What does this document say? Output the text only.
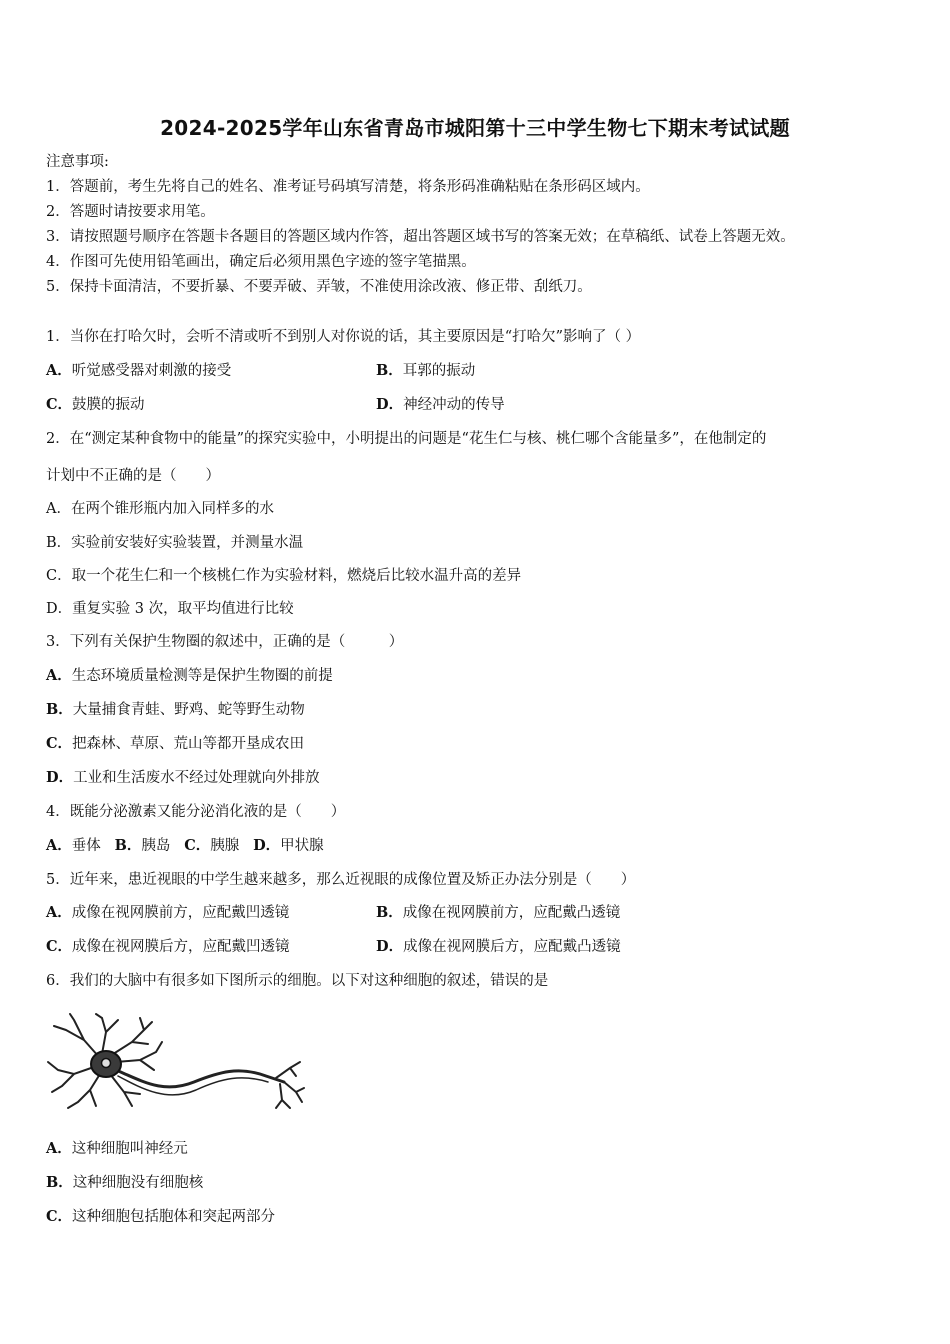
2024-2025学年山东省青岛市城阳第十三中学生物七下期末考试试题
注意事项:
1．答题前，考生先将自己的姓名、准考证号码填写清楚，将条形码准确粘贴在条形码区域内。
2．答题时请按要求用笔。
3．请按照题号顺序在答题卡各题目的答题区域内作答，超出答题区域书写的答案无效；在草稿纸、试卷上答题无效。
4．作图可先使用铅笔画出，确定后必须用黑色字迹的签字笔描黑。
5．保持卡面清洁，不要折暴、不要弄破、弄皱，不准使用涂改液、修正带、刮纸刀。
1．当你在打哈欠时，会听不清或听不到别人对你说的话，其主要原因是“打哈欠”影响了（ ）
A．听觉感受器对刺激的接受	B．耳郭的振动
C．鼓膜的振动	D．神经冲动的传导
2．在“测定某种食物中的能量”的探究实验中，小明提出的问题是“花生仁与核、桃仁哪个含能量多”，在他制定的
计划中不正确的是（　　）
A．在两个锥形瓶内加入同样多的水
B．实验前安装好实验装置，并测量水温
C．取一个花生仁和一个核桃仁作为实验材料，燃烧后比较水温升高的差异
D．重复实验 3 次，取平均值进行比较
3．下列有关保护生物圈的叙述中，正确的是（　　　）
A．生态环境质量检测等是保护生物圈的前提
B．大量捕食青蛙、野鸡、蛇等野生动物
C．把森林、草原、荒山等都开垦成农田
D．工业和生活废水不经过处理就向外排放
4．既能分泌激素又能分泌消化液的是（　　）
A．垂体 B．胰岛 C．胰腺 D．甲状腺
5．近年来，患近视眼的中学生越来越多，那么近视眼的成像位置及矫正办法分别是（　　）
A．成像在视网膜前方，应配戴凹透镜	B．成像在视网膜前方，应配戴凸透镜
C．成像在视网膜后方，应配戴凹透镜	D．成像在视网膜后方，应配戴凸透镜
6．我们的大脑中有很多如下图所示的细胞。以下对这种细胞的叙述，错误的是
A．这种细胞叫神经元
B．这种细胞没有细胞核
C．这种细胞包括胞体和突起两部分
